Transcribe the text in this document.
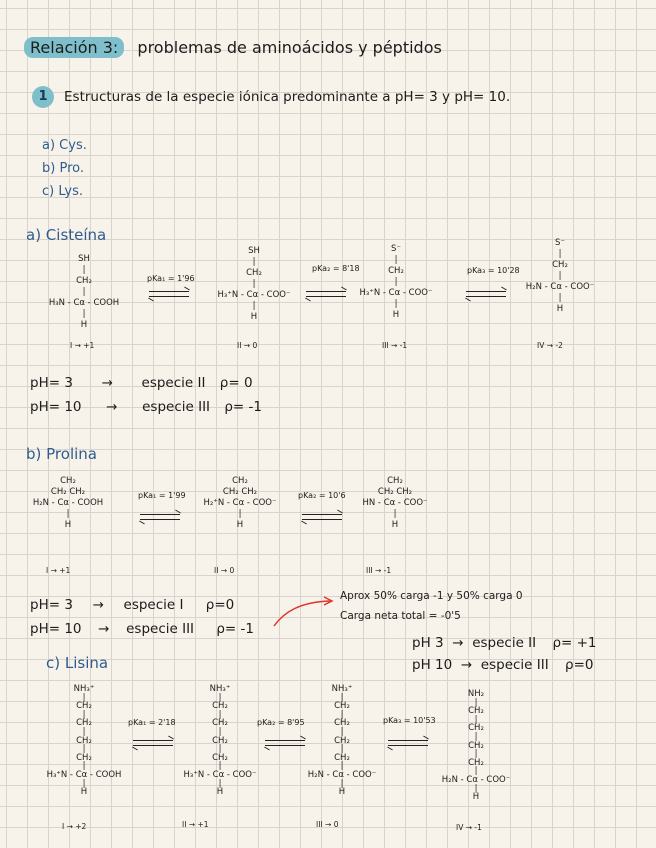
Relación 3: problemas de aminoácidos y péptidos
1	Estructuras de la especie iónica predominante a pH= 3 y pH= 10.
a) Cys.
b) Pro.
c) Lys.
a) Cisteína
SH
|
CH₂
|
H₃N - Cα - COOH
|
H
I → +1
pKa₁ = 1'96
SH
|
CH₂
|
H₃⁺N - Cα - COO⁻
|
H
II → 0
pKa₂ = 8'18
S⁻
|
CH₂
|
H₃⁺N - Cα - COO⁻
|
H
III → -1
pKa₃ = 10'28
S⁻
|
CH₂
|
H₂N - Cα - COO⁻
|
H
IV → -2
pH= 3 → especie II ρ= 0
pH= 10 → especie III ρ= -1
b) Prolina
CH₂
CH₂ CH₂
H₂N - Cα - COOH
|
H
I → +1
pKa₁ = 1'99
CH₂
CH₂ CH₂
H₂⁺N - Cα - COO⁻
|
H
II → 0
pKa₂ = 10'6
CH₂
CH₂ CH₂
HN - Cα - COO⁻
|
H
III → -1
pH= 3 → especie I ρ=0
pH= 10 → especie III ρ= -1
Aprox 50% carga -1 y 50% carga 0
Carga neta total = -0'5
pH 3 → especie II ρ= +1
pH 10 → especie III ρ=0
c) Lisina
NH₃⁺
|
CH₂
|
CH₂
|
CH₂
|
CH₂
|
H₃⁺N - Cα - COOH
|
H
I → +2
pKa₁ = 2'18
NH₃⁺
|
CH₂
|
CH₂
|
CH₂
|
CH₂
|
H₃⁺N - Cα - COO⁻
|
H
II → +1
pKa₂ = 8'95
NH₃⁺
|
CH₂
|
CH₂
|
CH₂
|
CH₂
|
H₂N - Cα - COO⁻
|
H
III → 0
pKa₃ = 10'53
NH₂
|
CH₂
|
CH₂
|
CH₂
|
CH₂
|
H₂N - Cα - COO⁻
|
H
IV → -1
